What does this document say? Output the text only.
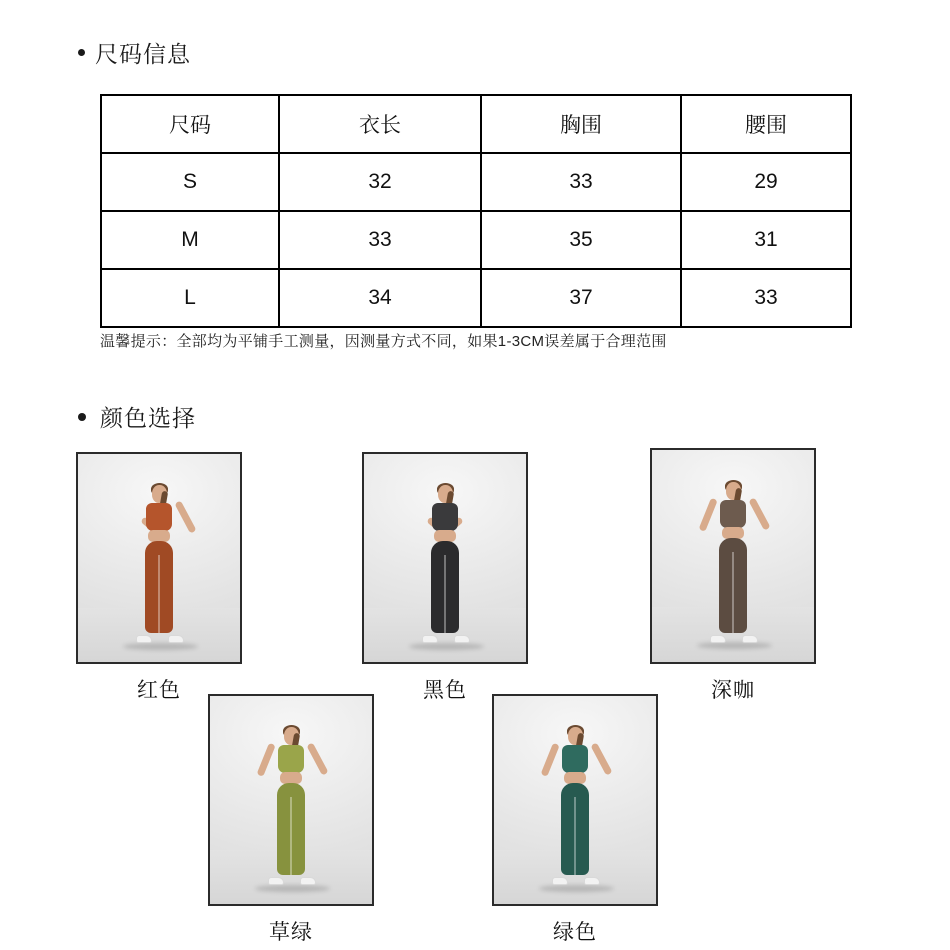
尺码信息
尺码	衣长	胸围	腰围
S	32	33	29
M	33	35	31
L	34	37	33
温馨提示：全部均为平铺手工测量，因测量方式不同，如果1-3CM误差属于合理范围
颜色选择
红色	黑色	深咖
草绿	绿色
